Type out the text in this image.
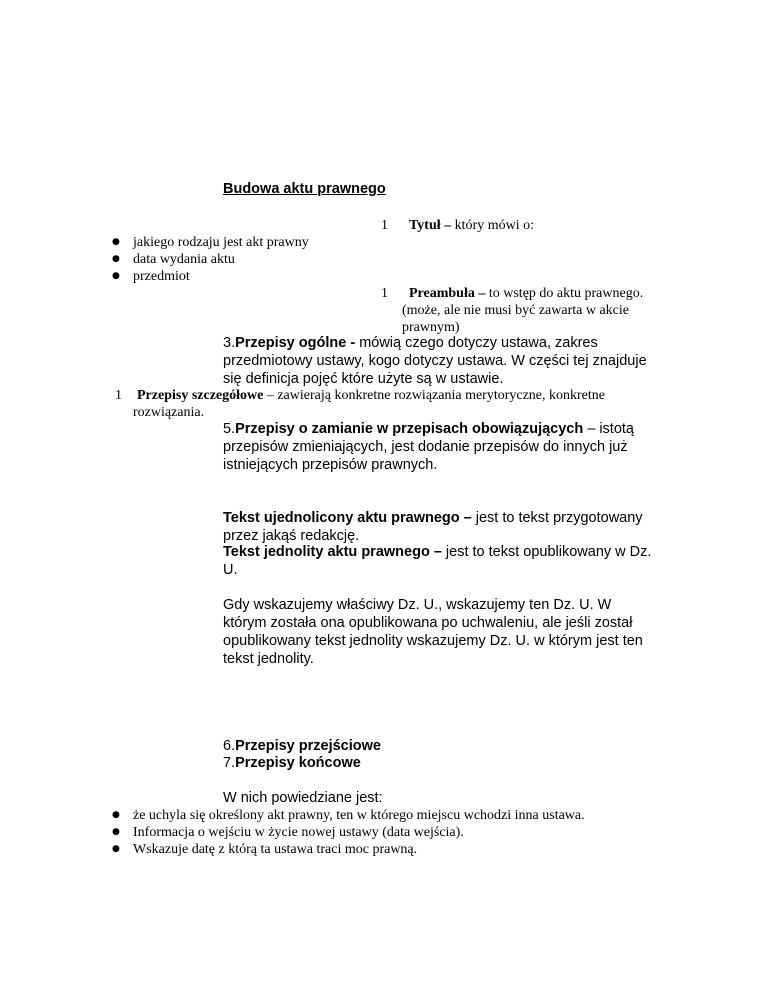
Budowa aktu prawnego
1 Tytuł – który mówi o:
● jakiego rodzaju jest akt prawny
● data wydania aktu
● przedmiot
1 Preambuła – to wstęp do aktu prawnego.
(może, ale nie musi być zawarta w akcie
prawnym)
3.Przepisy ogólne - mówią czego dotyczy ustawa, zakres
przedmiotowy ustawy, kogo dotyczy ustawa. W części tej znajduje
się definicja pojęć które użyte są w ustawie.
1 Przepisy szczegółowe – zawierają konkretne rozwiązania merytoryczne, konkretne
rozwiązania.
5.Przepisy o zamianie w przepisach obowiązujących – istotą
przepisów zmieniających, jest dodanie przepisów do innych już
istniejących przepisów prawnych.
Tekst ujednolicony aktu prawnego – jest to tekst przygotowany
przez jakąś redakcję.
Tekst jednolity aktu prawnego – jest to tekst opublikowany w Dz.
U.
Gdy wskazujemy właściwy Dz. U., wskazujemy ten Dz. U. W
którym została ona opublikowana po uchwaleniu, ale jeśli został
opublikowany tekst jednolity wskazujemy Dz. U. w którym jest ten
tekst jednolity.
6.Przepisy przejściowe
7.Przepisy końcowe
W nich powiedziane jest:
● że uchyla się określony akt prawny, ten w którego miejscu wchodzi inna ustawa.
● Informacja o wejściu w życie nowej ustawy (data wejścia).
● Wskazuje datę z którą ta ustawa traci moc prawną.
